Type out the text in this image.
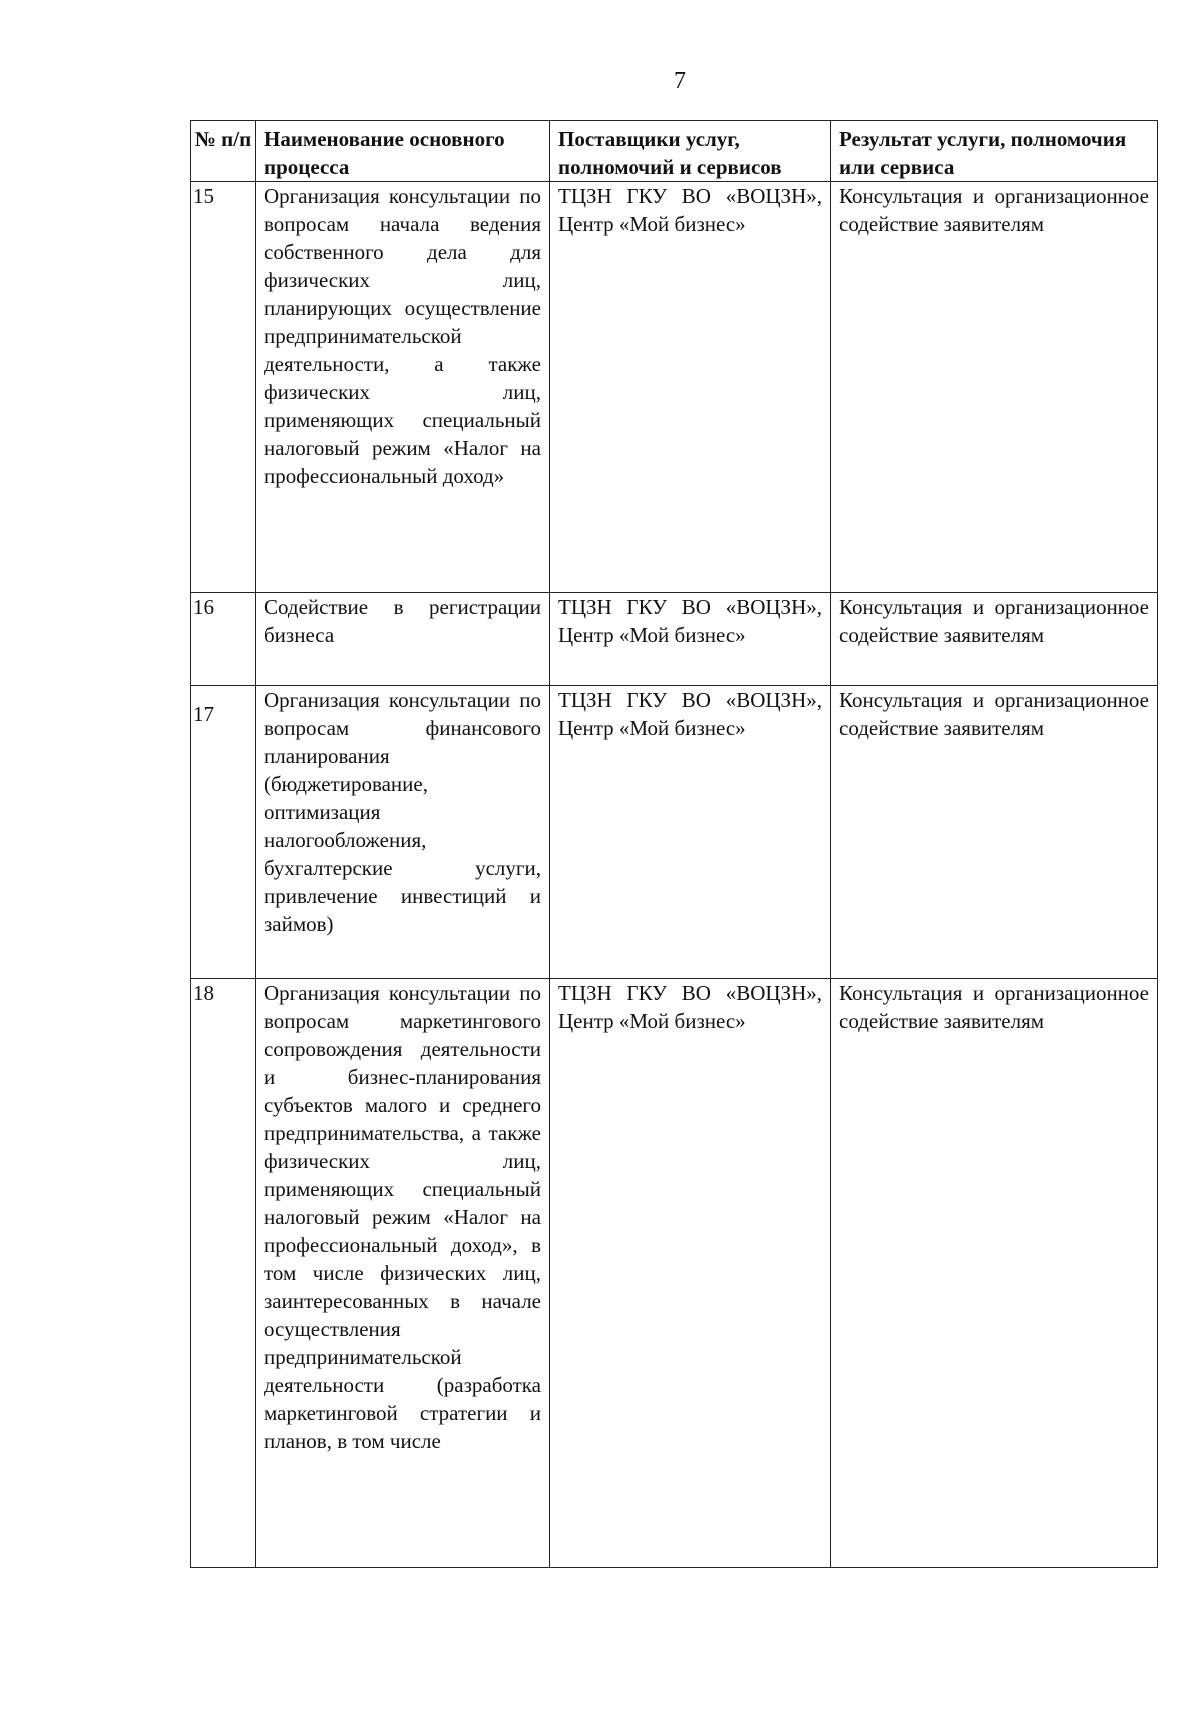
7
№ п/п	Наименование основного процесса	Поставщики услуг, полномочий и сервисов	Результат услуги, полномочия или сервиса
15	Организация консультации по вопросам начала ведения собственного дела для физических лиц, планирующих осуществление предпринимательской деятельности, а также физических лиц, применяющих специальный налоговый режим «Налог на профессиональный доход»	ТЦЗН ГКУ ВО «ВОЦЗН», Центр «Мой бизнес»	Консультация и организационное содействие заявителям
16	Содействие в регистрации бизнеса	ТЦЗН ГКУ ВО «ВОЦЗН», Центр «Мой бизнес»	Консультация и организационное содействие заявителям
17	Организация консультации по вопросам финансового планирования (бюджетирование, оптимизация налогообложения, бухгалтерские услуги, привлечение инвестиций и займов)	ТЦЗН ГКУ ВО «ВОЦЗН», Центр «Мой бизнес»	Консультация и организационное содействие заявителям
18	Организация консультации по вопросам маркетингового сопровождения деятельности и бизнес-планирования субъектов малого и среднего предпринимательства, а также физических лиц, применяющих специальный налоговый режим «Налог на профессиональный доход», в том числе физических лиц, заинтересованных в начале осуществления предпринимательской деятельности (разработка маркетинговой стратегии и планов, в том числе	ТЦЗН ГКУ ВО «ВОЦЗН», Центр «Мой бизнес»	Консультация и организационное содействие заявителям
